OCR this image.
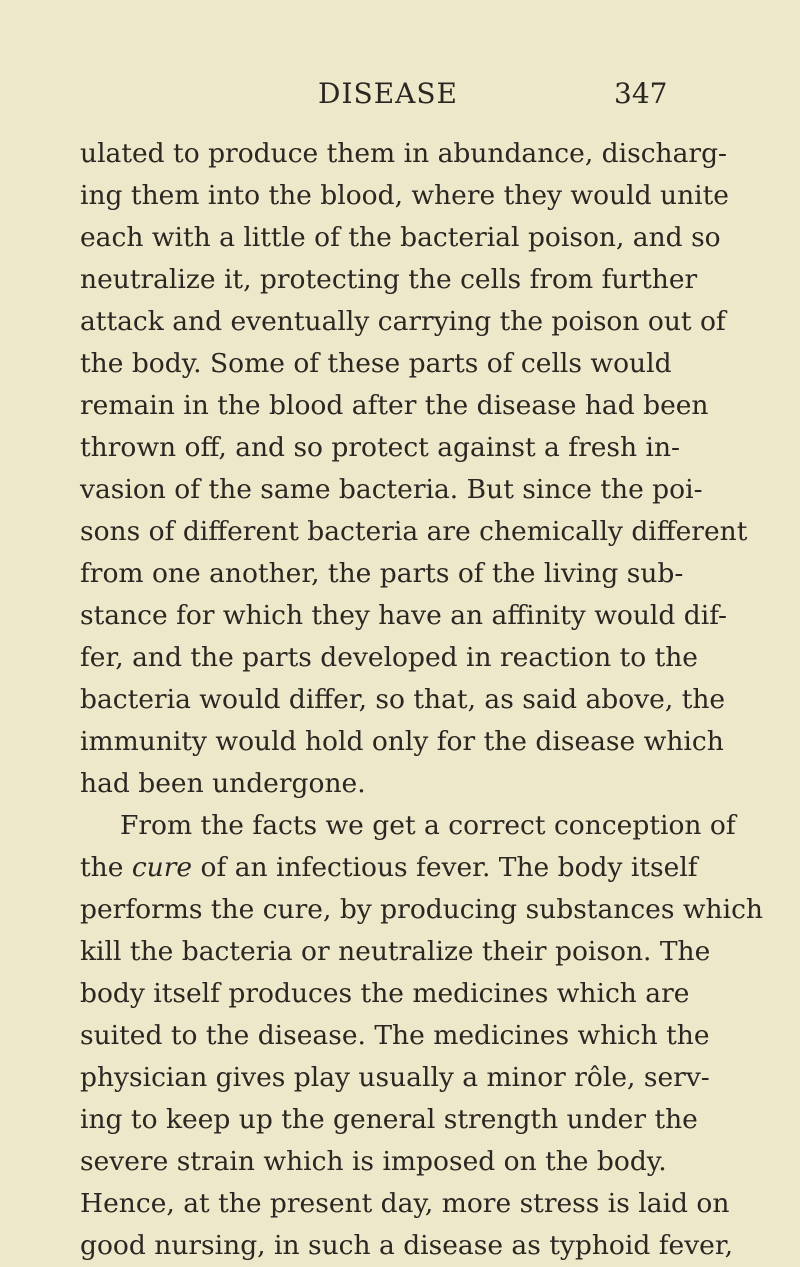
DISEASE	347
ulated to produce them in abundance, discharg-
ing them into the blood, where they would unite
each with a little of the bacterial poison, and so
neutralize it, protecting the cells from further
attack and eventually carrying the poison out of
the body. Some of these parts of cells would
remain in the blood after the disease had been
thrown off, and so protect against a fresh in-
vasion of the same bacteria. But since the poi-
sons of different bacteria are chemically different
from one another, the parts of the living sub-
stance for which they have an affinity would dif-
fer, and the parts developed in reaction to the
bacteria would differ, so that, as said above, the
immunity would hold only for the disease which
had been undergone.
From the facts we get a correct conception of
the cure of an infectious fever. The body itself
performs the cure, by producing substances which
kill the bacteria or neutralize their poison. The
body itself produces the medicines which are
suited to the disease. The medicines which the
physician gives play usually a minor rôle, serv-
ing to keep up the general strength under the
severe strain which is imposed on the body.
Hence, at the present day, more stress is laid on
good nursing, in such a disease as typhoid fever,
